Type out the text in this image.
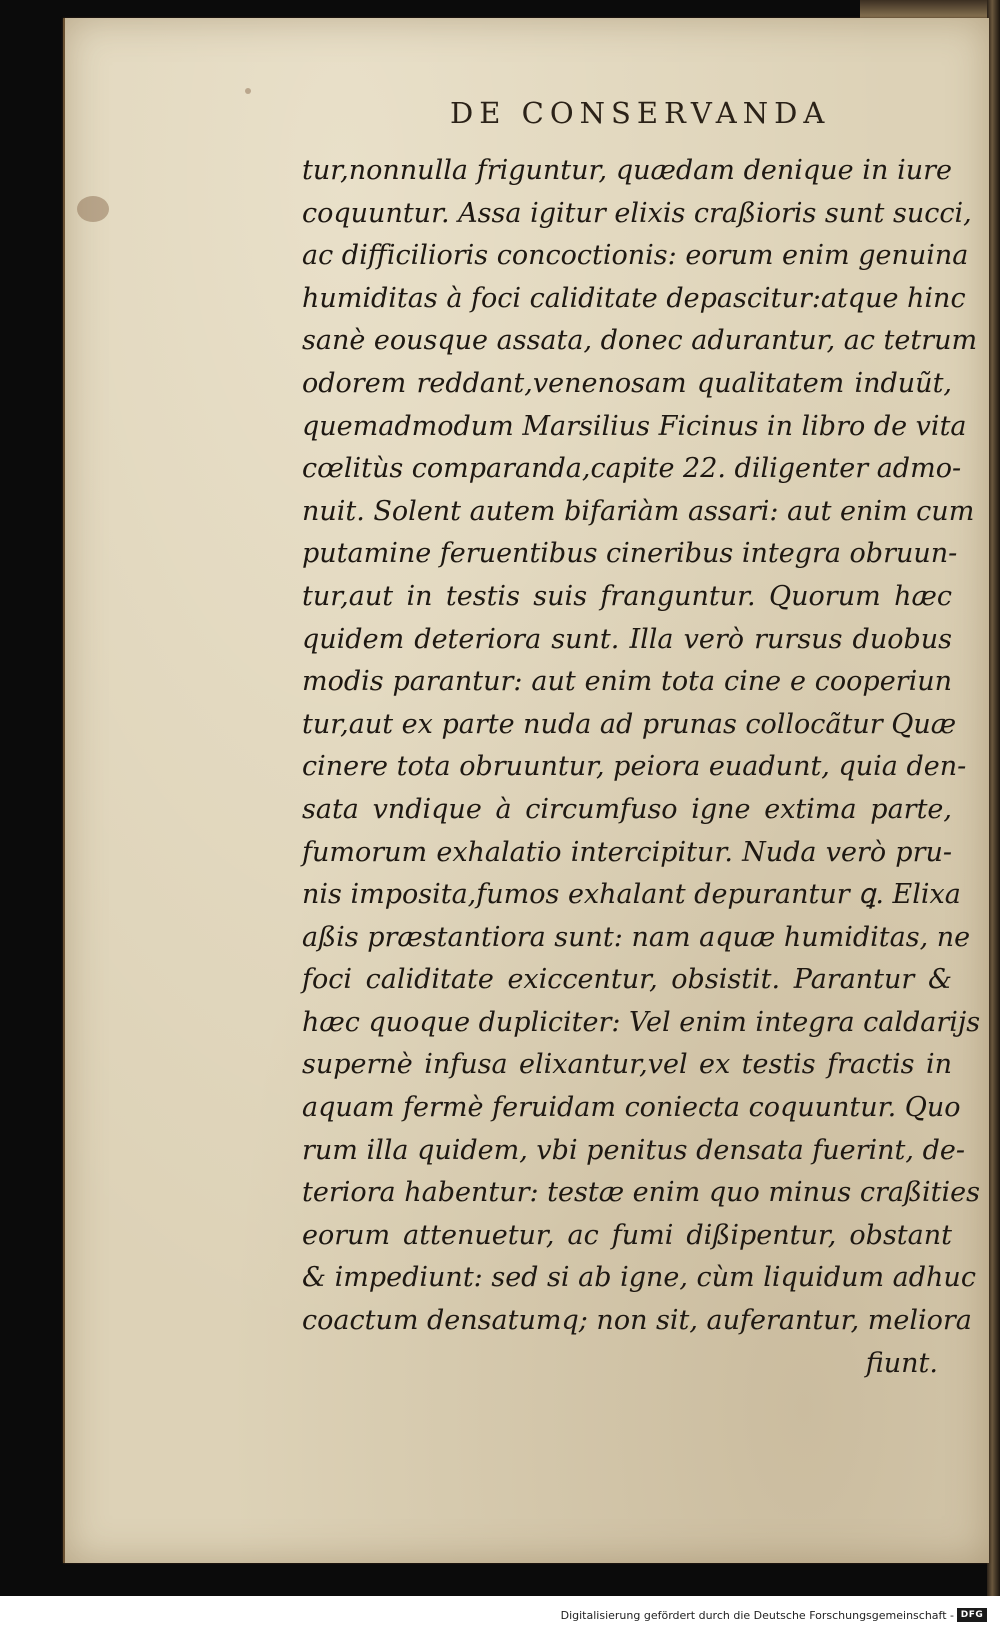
DE CONSERVANDA
tur,nonnulla friguntur, quædam denique in iure
coquuntur. Assa igitur elixis craßioris sunt succi,
ac difficilioris concoctionis: eorum enim genuina
humiditas à foci caliditate depascitur:atque hinc
sanè eousque assata, donec adurantur, ac tetrum
odorem reddant,venenosam qualitatem induũt,
quemadmodum Marsilius Ficinus in libro de vita
cœlitùs comparanda,capite 22. diligenter admo-
nuit. Solent autem bifariàm assari: aut enim cum
putamine feruentibus cineribus integra obruun-
tur,aut in testis suis franguntur. Quorum hæc
quidem deteriora sunt. Illa verò rursus duobus
modis parantur: aut enim tota cine e cooperiun
tur,aut ex parte nuda ad prunas collocãtur Quæ
cinere tota obruuntur, peiora euadunt, quia den-
sata vndique à circumfuso igne extima parte,
fumorum exhalatio intercipitur. Nuda verò pru-
nis imposita,fumos exhalant depurantur ꝗ. Elixa
aßis præstantiora sunt: nam aquæ humiditas, ne
foci caliditate exiccentur, obsistit. Parantur &
hæc quoque dupliciter: Vel enim integra caldarijs
supernè infusa elixantur,vel ex testis fractis in
aquam fermè feruidam coniecta coquuntur. Quo
rum illa quidem, vbi penitus densata fuerint, de-
teriora habentur: testæ enim quo minus craßities
eorum attenuetur, ac fumi dißipentur, obstant
& impediunt: sed si ab igne, cùm liquidum adhuc
coactum densatumq; non sit, auferantur, meliora
fiunt.
Digitalisierung gefördert durch die Deutsche Forschungsgemeinschaft - DFG
